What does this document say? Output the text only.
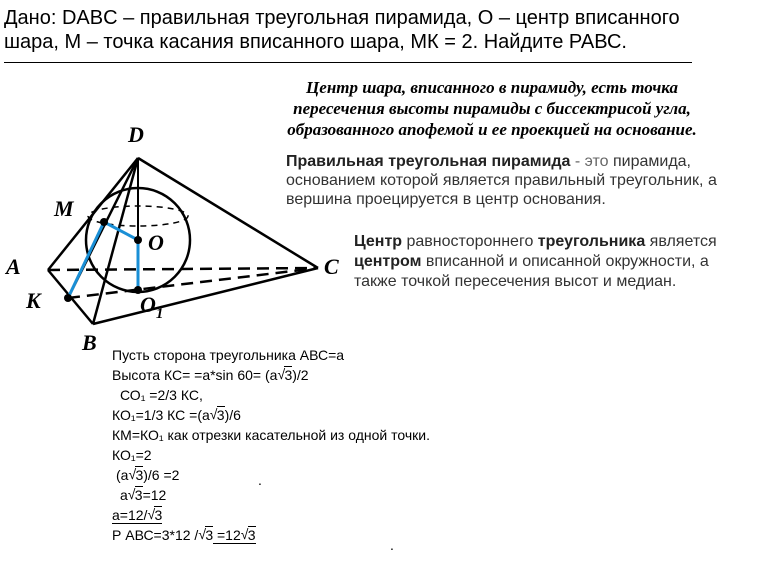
Дано: DABC – правильная треугольная пирамида, О – центр вписанного
шара, М – точка касания вписанного шара, МК = 2. Найдите РАВС.
Центр шара, вписанного в пирамиду, есть точка
пересечения высоты пирамиды с биссектрисой угла,
образованного апофемой и ее проекцией на основание.
Правильная треугольная пирамида - это пирамида, основанием которой является правильный треугольник, а вершина проецируется в центр основания.
Центр равностороннего треугольника является центром вписанной и описанной окружности, а также точкой пересечения высот и медиан.
D
M
O
A	C
K	$O_1$
B Пусть сторона треугольника АВС=а
Высота КС= =а*sin 60= (а √ 3)/2
СО₁ =2/3 КС,
КО₁=1/3 КС =(а √ 3)/6
КМ=КО₁ как отрезки касательной из одной точки.
КО₁=2
(а √ 3)/6 =2
а √ 3=12
а=12/ √ 3
Р АВС=3*12 / √ 3 =12 √ 3
.
.
